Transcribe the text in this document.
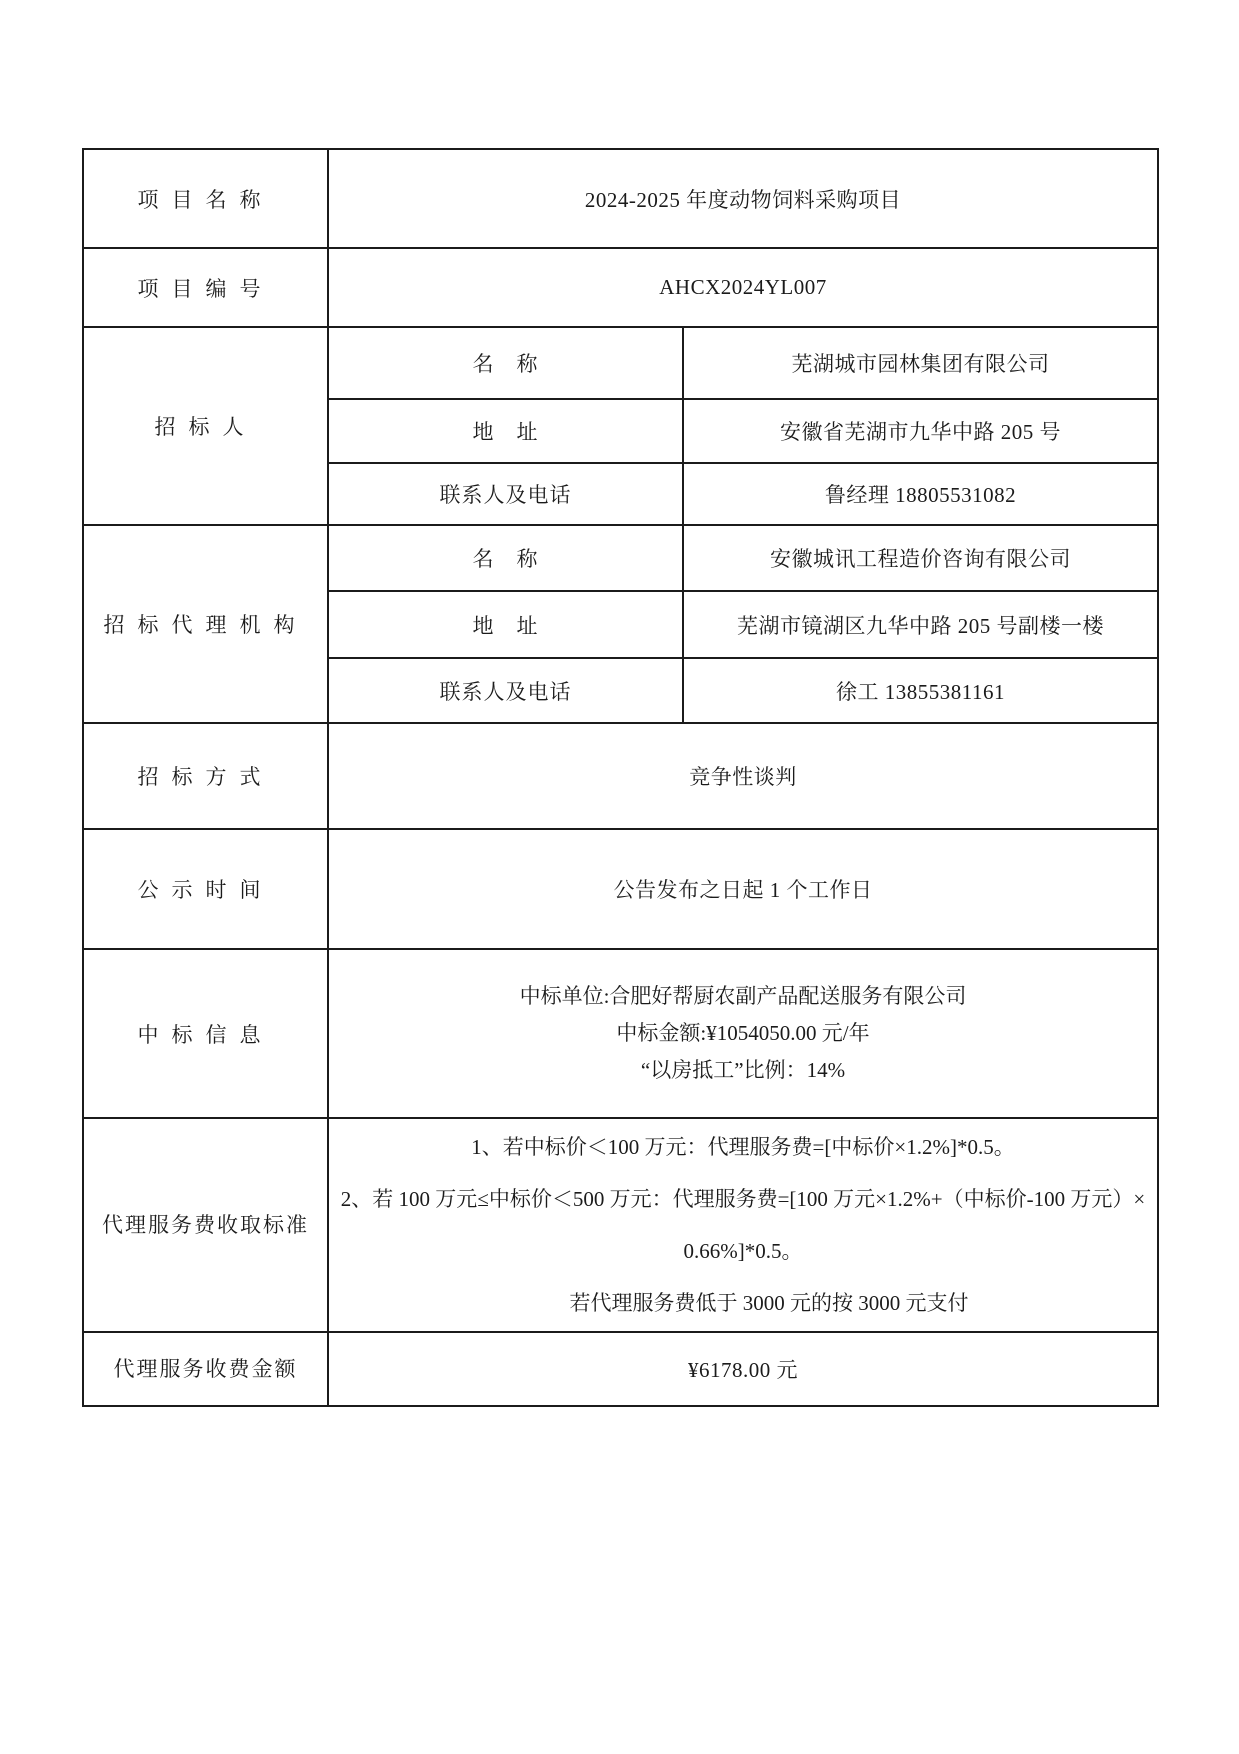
项目名称	2024-2025 年度动物饲料采购项目	
项目编号	AHCX2024YL007	
招标人	名　称	芜湖城市园林集团有限公司
	地　址	安徽省芜湖市九华中路 205 号
	联系人及电话	鲁经理 18805531082
招标代理机构	名　称	安徽城讯工程造价咨询有限公司
	地　址	芜湖市镜湖区九华中路 205 号副楼一楼
	联系人及电话	徐工 13855381161
招标方式	竞争性谈判	
公示时间	公告发布之日起 1 个工作日	
中标信息	中标单位:合肥好帮厨农副产品配送服务有限公司

中标金额:¥1054050.00 元/年

“以房抵工”比例：14%	

代理服务费收取标准	1、若中标价＜100 万元：代理服务费=[中标价×1.2%]*0.5。

2、若 100 万元≤中标价＜500 万元：代理服务费=[100 万元×1.2%+（中标价-100 万元）×0.66%]*0.5。

若代理服务费低于 3000 元的按 3000 元支付	

代理服务收费金额	¥6178.00 元	
